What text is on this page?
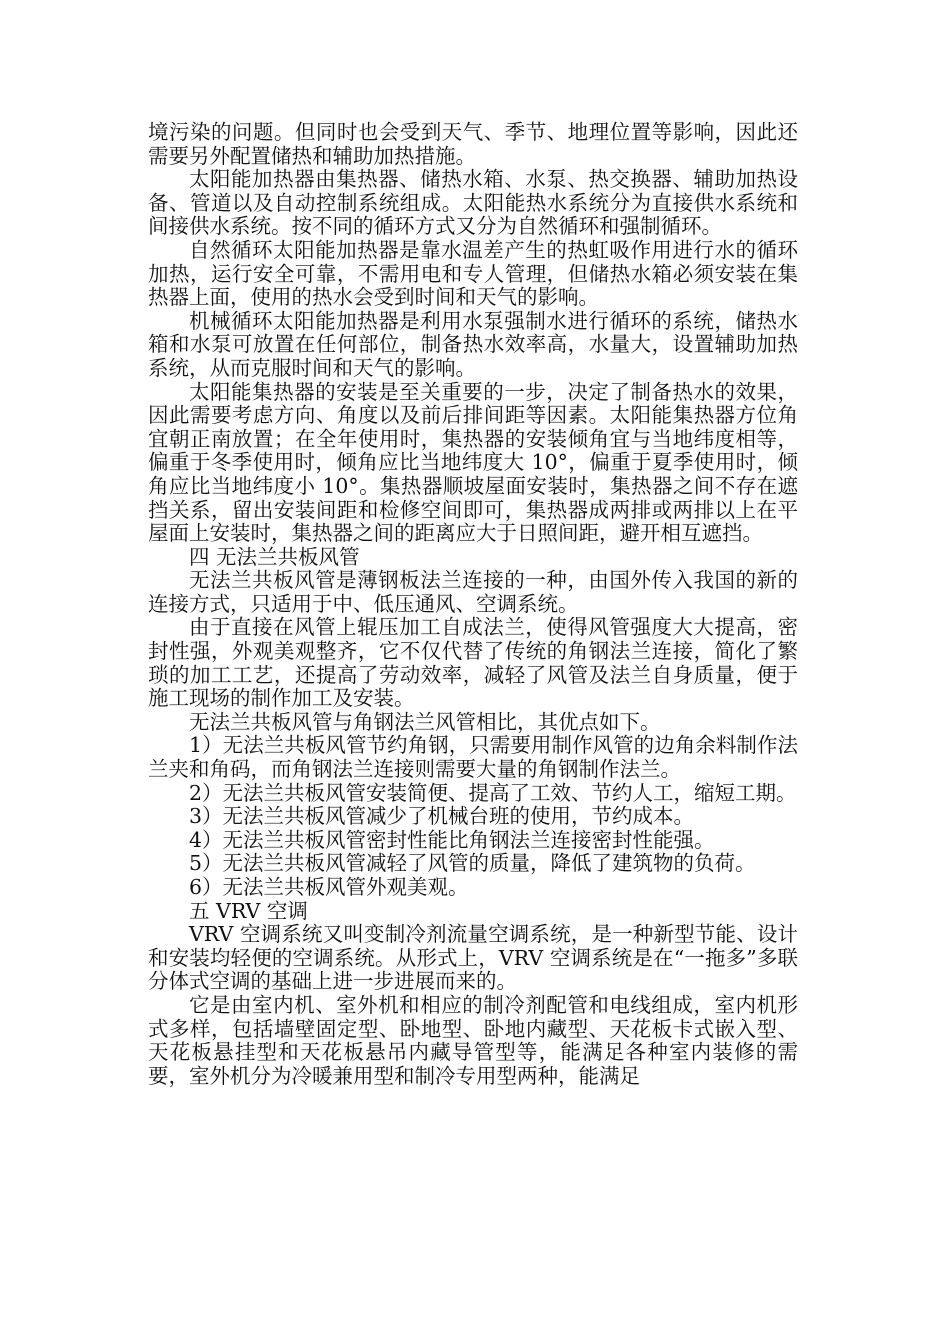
境污染的问题。但同时也会受到天气、季节、地理位置等影响，因此还需要另外配置储热和辅助加热措施。

太阳能加热器由集热器、储热水箱、水泵、热交换器、辅助加热设备、管道以及自动控制系统组成。太阳能热水系统分为直接供水系统和间接供水系统。按不同的循环方式又分为自然循环和强制循环。

自然循环太阳能加热器是靠水温差产生的热虹吸作用进行水的循环加热，运行安全可靠，不需用电和专人管理，但储热水箱必须安装在集热器上面，使用的热水会受到时间和天气的影响。

机械循环太阳能加热器是利用水泵强制水进行循环的系统，储热水箱和水泵可放置在任何部位，制备热水效率高，水量大，设置辅助加热系统，从而克服时间和天气的影响。

太阳能集热器的安装是至关重要的一步，决定了制备热水的效果，因此需要考虑方向、角度以及前后排间距等因素。太阳能集热器方位角宜朝正南放置；在全年使用时，集热器的安装倾角宜与当地纬度相等，偏重于冬季使用时，倾角应比当地纬度大 10°，偏重于夏季使用时，倾角应比当地纬度小 10°。集热器顺坡屋面安装时，集热器之间不存在遮挡关系，留出安装间距和检修空间即可，集热器成两排或两排以上在平屋面上安装时，集热器之间的距离应大于日照间距，避开相互遮挡。

四 无法兰共板风管

无法兰共板风管是薄钢板法兰连接的一种，由国外传入我国的新的连接方式，只适用于中、低压通风、空调系统。

由于直接在风管上辊压加工自成法兰，使得风管强度大大提高，密封性强，外观美观整齐，它不仅代替了传统的角钢法兰连接，简化了繁琐的加工工艺，还提高了劳动效率，减轻了风管及法兰自身质量，便于施工现场的制作加工及安装。

无法兰共板风管与角钢法兰风管相比，其优点如下。

1）无法兰共板风管节约角钢，只需要用制作风管的边角余料制作法兰夹和角码，而角钢法兰连接则需要大量的角钢制作法兰。

2）无法兰共板风管安装简便、提高了工效、节约人工，缩短工期。

3）无法兰共板风管减少了机械台班的使用，节约成本。

4）无法兰共板风管密封性能比角钢法兰连接密封性能强。

5）无法兰共板风管减轻了风管的质量，降低了建筑物的负荷。

6）无法兰共板风管外观美观。

五 VRV 空调

VRV 空调系统又叫变制冷剂流量空调系统，是一种新型节能、设计和安装均轻便的空调系统。从形式上，VRV 空调系统是在“一拖多”多联分体式空调的基础上进一步进展而来的。

它是由室内机、室外机和相应的制冷剂配管和电线组成，室内机形式多样，包括墙壁固定型、卧地型、卧地内藏型、天花板卡式嵌入型、天花板悬挂型和天花板悬吊内藏导管型等，能满足各种室内装修的需要，室外机分为冷暖兼用型和制冷专用型两种，能满足
